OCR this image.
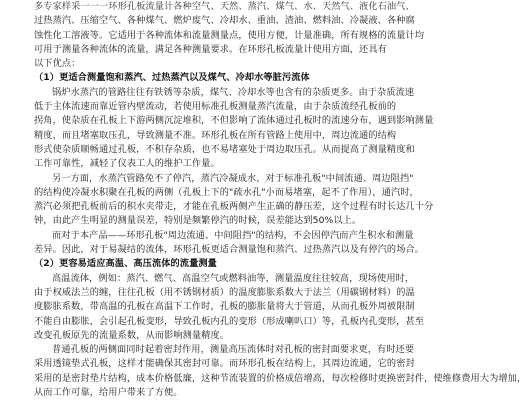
多专家样采一一一环形孔板流量计各种空气、天然、蒸汽、煤气、水、天然气、液化石油气、
过热蒸汽、压缩空气、各种煤气、燃炉废气、冷却水、重油、渣油、燃料油、冷凝液、各种腐
蚀性化工溶液等。它适用于各种流体和流量测量点，使用方便，计量准确，所有规格的流量计均
可用于测量各种流体的流量，满足各种测量要求。在环形孔板流量计使用方面，还具有
以下优点：
（1）更适合测量饱和蒸汽、过热蒸汽以及煤气、冷却水等脏污流体
锅炉水蒸汽的管路往往有铁锈等杂质，煤气、冷却水等也含有的杂质更多。由于杂质流速
低于主体流速而靠近管内壁流动，若使用标准孔板测量蒸汽流量，由于杂质流经孔板前的
拐角，使杂质在孔板上下游两侧沉淀堆积，不但影响了流体通过孔板时的流速分布，遇到影响测量
精度，而且堵塞取压孔，导致测量不准。环形孔板在所有管路上使用中，周边流通的结构
形式使杂质顺畅通过孔板，不积存杂质，也不易堵塞处于周边取压孔。从而提高了测量精度和
工作可靠性，减轻了仪表工人的维护工作量。
另一方面，水蒸汽管路免不了停汽，蒸汽冷凝成水，对于标准孔板"中间流通、周边阻挡"
的结构使冷凝水积聚在孔板的两侧（孔板上下的"疏水孔"小而易堵塞，起不了作用），通汽时，
蒸汽必须把孔板前后的积水夹带走，才能在孔板两侧产生正确的静压差，这个过程有时长达几十分
钟，由此产生明显的测量误差，特别是频繁停汽的时候，误差能达到50%以上。
而对于本产品——环形孔板"周边流通、中间阻挡"的结构，不会因停汽而产生积水和测量
差异。因此，对于易凝结的流体，环形孔板更适合测量饱和蒸汽、过热蒸汽以及有停汽的场合。
（2）更容易适应高温、高压流体的流量测量
高温流体，例如：蒸汽、燃气、高温空气或燃料油等，测量温度往往较高，现场使用时，
由于权威法兰的缠，往往孔板（用不锈钢材质）的温度膨胀系数大于法兰（用碳钢材料）的温
度膨胀系数，带高温的孔板在高温下工作时，孔板的膨胀量将大于管道，从而孔板外周被限制
不能自由膨胀，会引起孔板变形，导致孔板内孔的变形（形成喇叭口）等，孔板内孔变形，甚至
改变孔板原先的流量系数，从而影响测量精度。
普通孔板的两侧面同时起着密封作用，测量高压流体时对孔板的密封面要求更，有时还要
采用透镜垫式孔板，这样才能确保其密封可靠。而环形孔板在结构上，其周边流通，它的密封
采用的是密封垫片结构，成本价格低廉，这种节流装置的价格成倍增高，每次检修时更换密封件，使维修费用大为增加，
从而工作可靠，给用户带来了方便。
